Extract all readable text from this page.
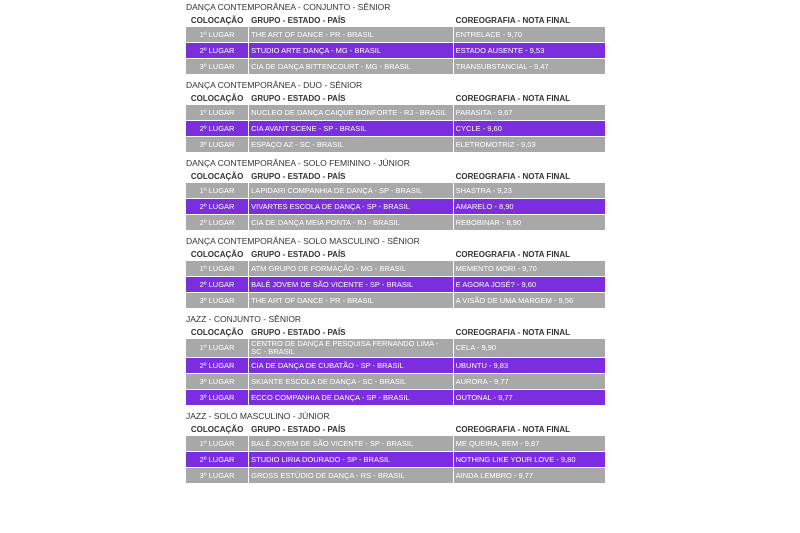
DANÇA CONTEMPORÂNEA - CONJUNTO - SÊNIOR
COLOCAÇÃO	GRUPO - ESTADO - PAÍS	COREOGRAFIA - NOTA FINAL
1º LUGAR	THE ART OF DANCE - PR - BRASIL	ENTRELACE - 9,70
2º LUGAR	STUDIO ARTE DANÇA - MG - BRASIL	ESTADO AUSENTE - 9,53
3º LUGAR	CIA DE DANÇA BITTENCOURT - MG - BRASIL	TRANSUBSTANCIAL - 9,47
DANÇA CONTEMPORÂNEA - DUO - SÊNIOR
COLOCAÇÃO	GRUPO - ESTADO - PAÍS	COREOGRAFIA - NOTA FINAL
1º LUGAR	NUCLEO DE DANÇA CAIQUE BONFORTE - RJ - BRASIL	PARASITA - 9,67
2º LUGAR	CIA AVANT SCENE - SP - BRASIL	CYCLE - 9,60
3º LUGAR	ESPAÇO AZ - SC - BRASIL	ELETROMOTRIZ - 9,03
DANÇA CONTEMPORÂNEA - SOLO FEMININO - JÚNIOR
COLOCAÇÃO	GRUPO - ESTADO - PAÍS	COREOGRAFIA - NOTA FINAL
1º LUGAR	LAPIDARI COMPANHIA DE DANÇA - SP - BRASIL	SHASTRA - 9,23
2º LUGAR	VIVARTES ESCOLA DE DANÇA - SP - BRASIL	AMARELO - 8,90
2º LUGAR	CIA DE DANÇA MEIA PONTA - RJ - BRASIL	REBOBINAR - 8,90
DANÇA CONTEMPORÂNEA - SOLO MASCULINO - SÊNIOR
COLOCAÇÃO	GRUPO - ESTADO - PAÍS	COREOGRAFIA - NOTA FINAL
1º LUGAR	ATM GRUPO DE FORMAÇÃO - MG - BRASIL	MEMENTO MORI - 9,70
2º LUGAR	BALÉ JOVEM DE SÃO VICENTE - SP - BRASIL	E AGORA JOSÉ? - 9,60
3º LUGAR	THE ART OF DANCE - PR - BRASIL	A VISÃO DE UMA MARGEM - 9,56
JAZZ - CONJUNTO - SÊNIOR
COLOCAÇÃO	GRUPO - ESTADO - PAÍS	COREOGRAFIA - NOTA FINAL
1º LUGAR	CENTRO DE DANÇA E PESQUISA FERNANDO LIMA - SC - BRASIL	CELA - 9,90
2º LUGAR	CIA DE DANÇA DE CUBATÃO - SP - BRASIL	UBUNTU - 9,83
3º LUGAR	SKIANTE ESCOLA DE DANÇA - SC - BRASIL	AURORA - 9,77
3º LUGAR	ECCO COMPANHIA DE DANÇA - SP - BRASIL	OUTONAL - 9,77
JAZZ - SOLO MASCULINO - JÚNIOR
COLOCAÇÃO	GRUPO - ESTADO - PAÍS	COREOGRAFIA - NOTA FINAL
1º LUGAR	BALÉ JOVEM DE SÃO VICENTE - SP - BRASIL	ME QUEIRA, BEM - 9,87
2º LUGAR	STUDIO LIRIA DOURADO - SP - BRASIL	NOTHING LIKE YOUR LOVE - 9,80
3º LUGAR	GROSS ESTÚDIO DE DANÇA - RS - BRASIL	AINDA LEMBRO - 9,77
